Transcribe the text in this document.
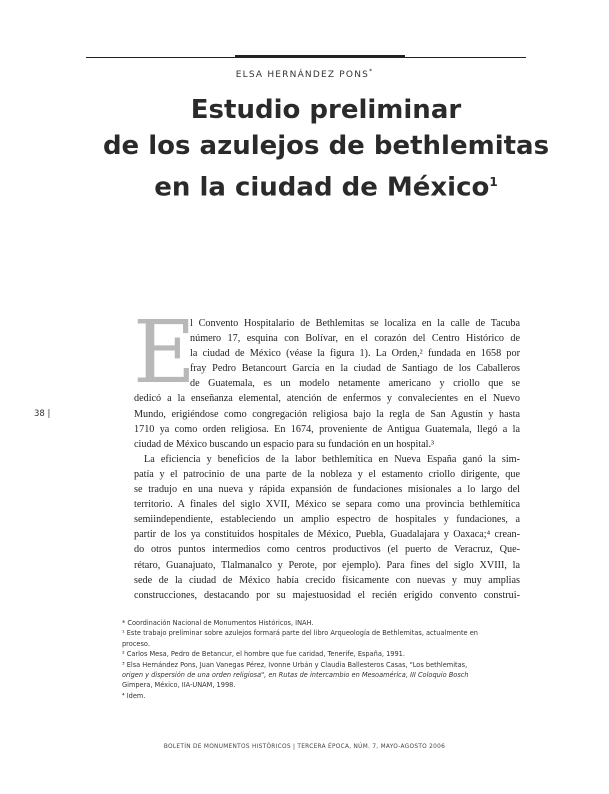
ELSA HERNÁNDEZ PONS*
Estudio preliminar
de los azulejos de bethlemitas
en la ciudad de México$^1$
E
38 |
l Convento Hospitalario de Bethlemitas se localiza en la calle de Tacuba
número 17, esquina con Bolívar, en el corazón del Centro Histórico de
la ciudad de México (véase la figura 1). La Orden,² fundada en 1658 por
fray Pedro Betancourt García en la ciudad de Santiago de los Caballeros
de Guatemala, es un modelo netamente americano y criollo que se
dedicó a la enseñanza elemental, atención de enfermos y convalecientes en el Nuevo
Mundo, erigiéndose como congregación religiosa bajo la regla de San Agustín y hasta
1710 ya como orden religiosa. En 1674, proveniente de Antigua Guatemala, llegó a la
ciudad de México buscando un espacio para su fundación en un hospital.³
La eficiencia y beneficios de la labor bethlemítica en Nueva España ganó la sim-
patía y el patrocinio de una parte de la nobleza y el estamento criollo dirigente, que
se tradujo en una nueva y rápida expansión de fundaciones misionales a lo largo del
territorio. A finales del siglo XVII, México se separa como una provincia bethlemítica
semiindependiente, estableciendo un amplio espectro de hospitales y fundaciones, a
partir de los ya constituidos hospitales de México, Puebla, Guadalajara y Oaxaca;⁴ crean-
do otros puntos intermedios como centros productivos (el puerto de Veracruz, Que-
rétaro, Guanajuato, Tlalmanalco y Perote, por ejemplo). Para fines del siglo XVIII, la
sede de la ciudad de México había crecido físicamente con nuevas y muy amplias
construcciones, destacando por su majestuosidad el recién erigido convento construi-
* Coordinación Nacional de Monumentos Históricos, INAH.
¹ Este trabajo preliminar sobre azulejos formará parte del libro Arqueología de Bethlemitas, actualmente en
proceso.
² Carlos Mesa, Pedro de Betancur, el hombre que fue caridad, Tenerife, España, 1991.
³ Elsa Hernández Pons, Juan Vanegas Pérez, Ivonne Urbán y Claudia Ballesteros Casas, "Los bethlemitas,
origen y dispersión de una orden religiosa", en Rutas de intercambio en Mesoamérica, III Coloquio Bosch
Gimpera, México, IIA-UNAM, 1998.
⁴ Idem.
BOLETÍN DE MONUMENTOS HISTÓRICOS | TERCERA ÉPOCA, NÚM. 7, MAYO-AGOSTO 2006
